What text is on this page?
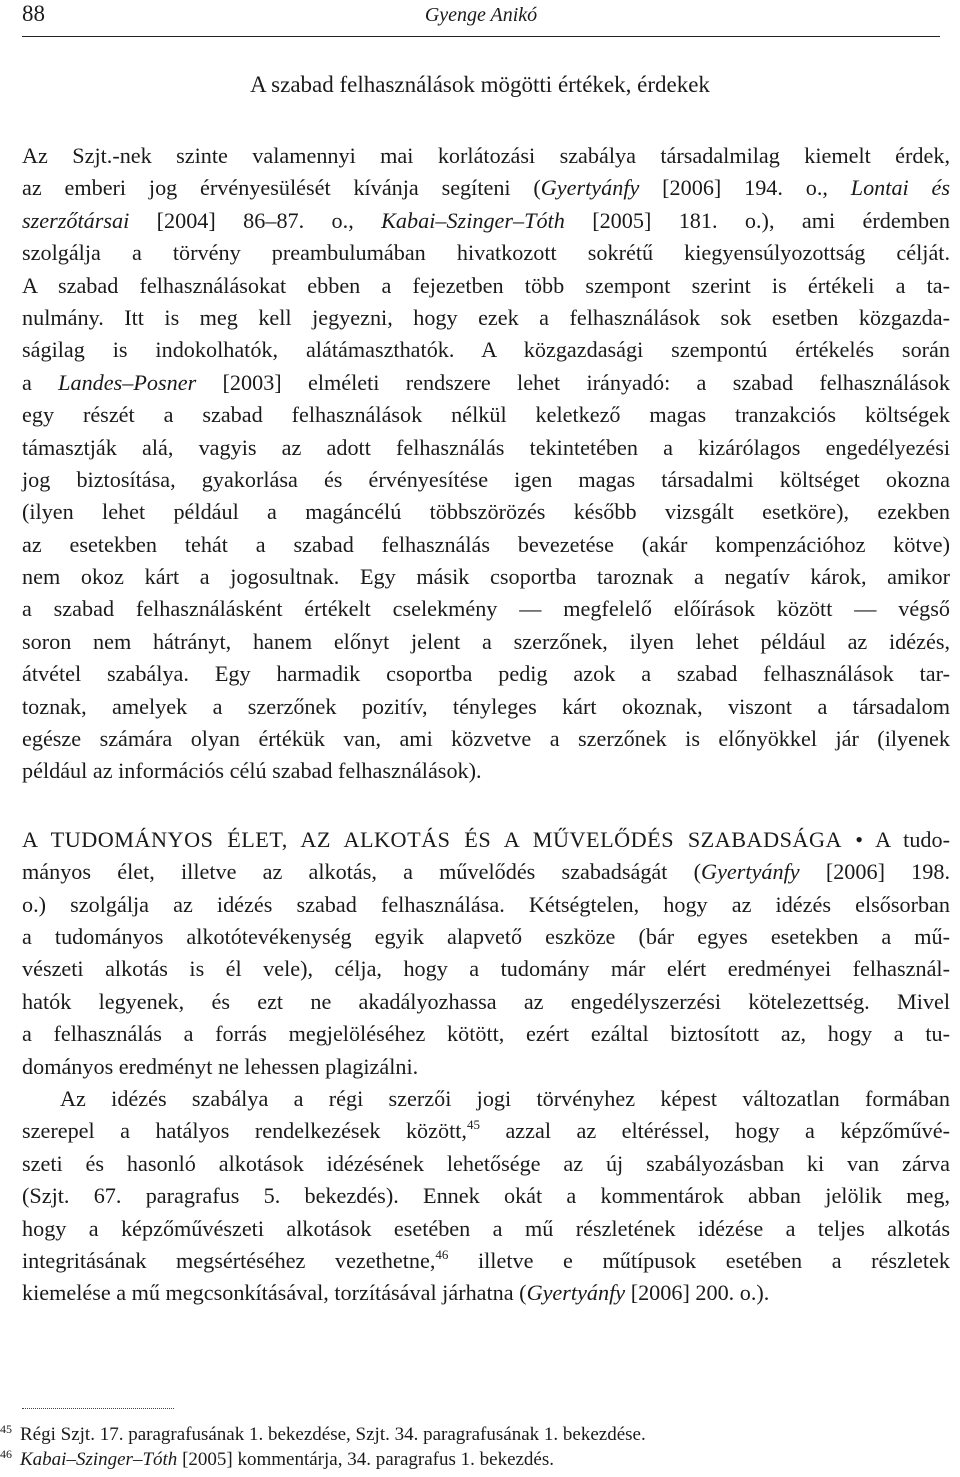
88	Gyenge Anikó
A szabad felhasználások mögötti értékek, érdekek
Az Szjt.-nek szinte valamennyi mai korlátozási szabálya társadalmilag kiemelt érdek,
az emberi jog érvényesülését kívánja segíteni (Gyertyánfy [2006] 194. o., Lontai és
szerzőtársai [2004] 86–87. o., Kabai–Szinger–Tóth [2005] 181. o.), ami érdemben
szolgálja a törvény preambulumában hivatkozott sokrétű kiegyensúlyozottság célját.
A szabad felhasználásokat ebben a fejezetben több szempont szerint is értékeli a ta-
nulmány. Itt is meg kell jegyezni, hogy ezek a felhasználások sok esetben közgazda-
ságilag is indokolhatók, alátámaszthatók. A közgazdasági szempontú értékelés során
a Landes–Posner [2003] elméleti rendszere lehet irányadó: a szabad felhasználások
egy részét a szabad felhasználások nélkül keletkező magas tranzakciós költségek
támasztják alá, vagyis az adott felhasználás tekintetében a kizárólagos engedélyezési
jog biztosítása, gyakorlása és érvényesítése igen magas társadalmi költséget okozna
(ilyen lehet például a magáncélú többszörözés később vizsgált esetköre), ezekben
az esetekben tehát a szabad felhasználás bevezetése (akár kompenzációhoz kötve)
nem okoz kárt a jogosultnak. Egy másik csoportba taroznak a negatív károk, amikor
a szabad felhasználásként értékelt cselekmény — megfelelő előírások között — végső
soron nem hátrányt, hanem előnyt jelent a szerzőnek, ilyen lehet például az idézés,
átvétel szabálya. Egy harmadik csoportba pedig azok a szabad felhasználások tar-
toznak, amelyek a szerzőnek pozitív, tényleges kárt okoznak, viszont a társadalom
egésze számára olyan értékük van, ami közvetve a szerzőnek is előnyökkel jár (ilyenek
például az információs célú szabad felhasználások).
A TUDOMÁNYOS ÉLET, AZ ALKOTÁS ÉS A MŰVELŐDÉS SZABADSÁGA • A tudo-
mányos élet, illetve az alkotás, a művelődés szabadságát (Gyertyánfy [2006] 198.
o.) szolgálja az idézés szabad felhasználása. Kétségtelen, hogy az idézés elsősorban
a tudományos alkotótevékenység egyik alapvető eszköze (bár egyes esetekben a mű-
vészeti alkotás is él vele), célja, hogy a tudomány már elért eredményei felhasznál-
hatók legyenek, és ezt ne akadályozhassa az engedélyszerzési kötelezettség. Mivel
a felhasználás a forrás megjelöléséhez kötött, ezért ezáltal biztosított az, hogy a tu-
dományos eredményt ne lehessen plagizálni.
Az idézés szabálya a régi szerzői jogi törvényhez képest változatlan formában
szerepel a hatályos rendelkezések között,$^{45}$ azzal az eltéréssel, hogy a képzőművé-
szeti és hasonló alkotások idézésének lehetősége az új szabályozásban ki van zárva
(Szjt. 67. paragrafus 5. bekezdés). Ennek okát a kommentárok abban jelölik meg,
hogy a képzőművészeti alkotások esetében a mű részletének idézése a teljes alkotás
integritásának megsértéséhez vezethetne,$^{46}$ illetve e műtípusok esetében a részletek
kiemelése a mű megcsonkításával, torzításával járhatna (Gyertyánfy [2006] 200. o.).
45 Régi Szjt. 17. paragrafusának 1. bekezdése, Szjt. 34. paragrafusának 1. bekezdése.
46 Kabai–Szinger–Tóth [2005] kommentárja, 34. paragrafus 1. bekezdés.
